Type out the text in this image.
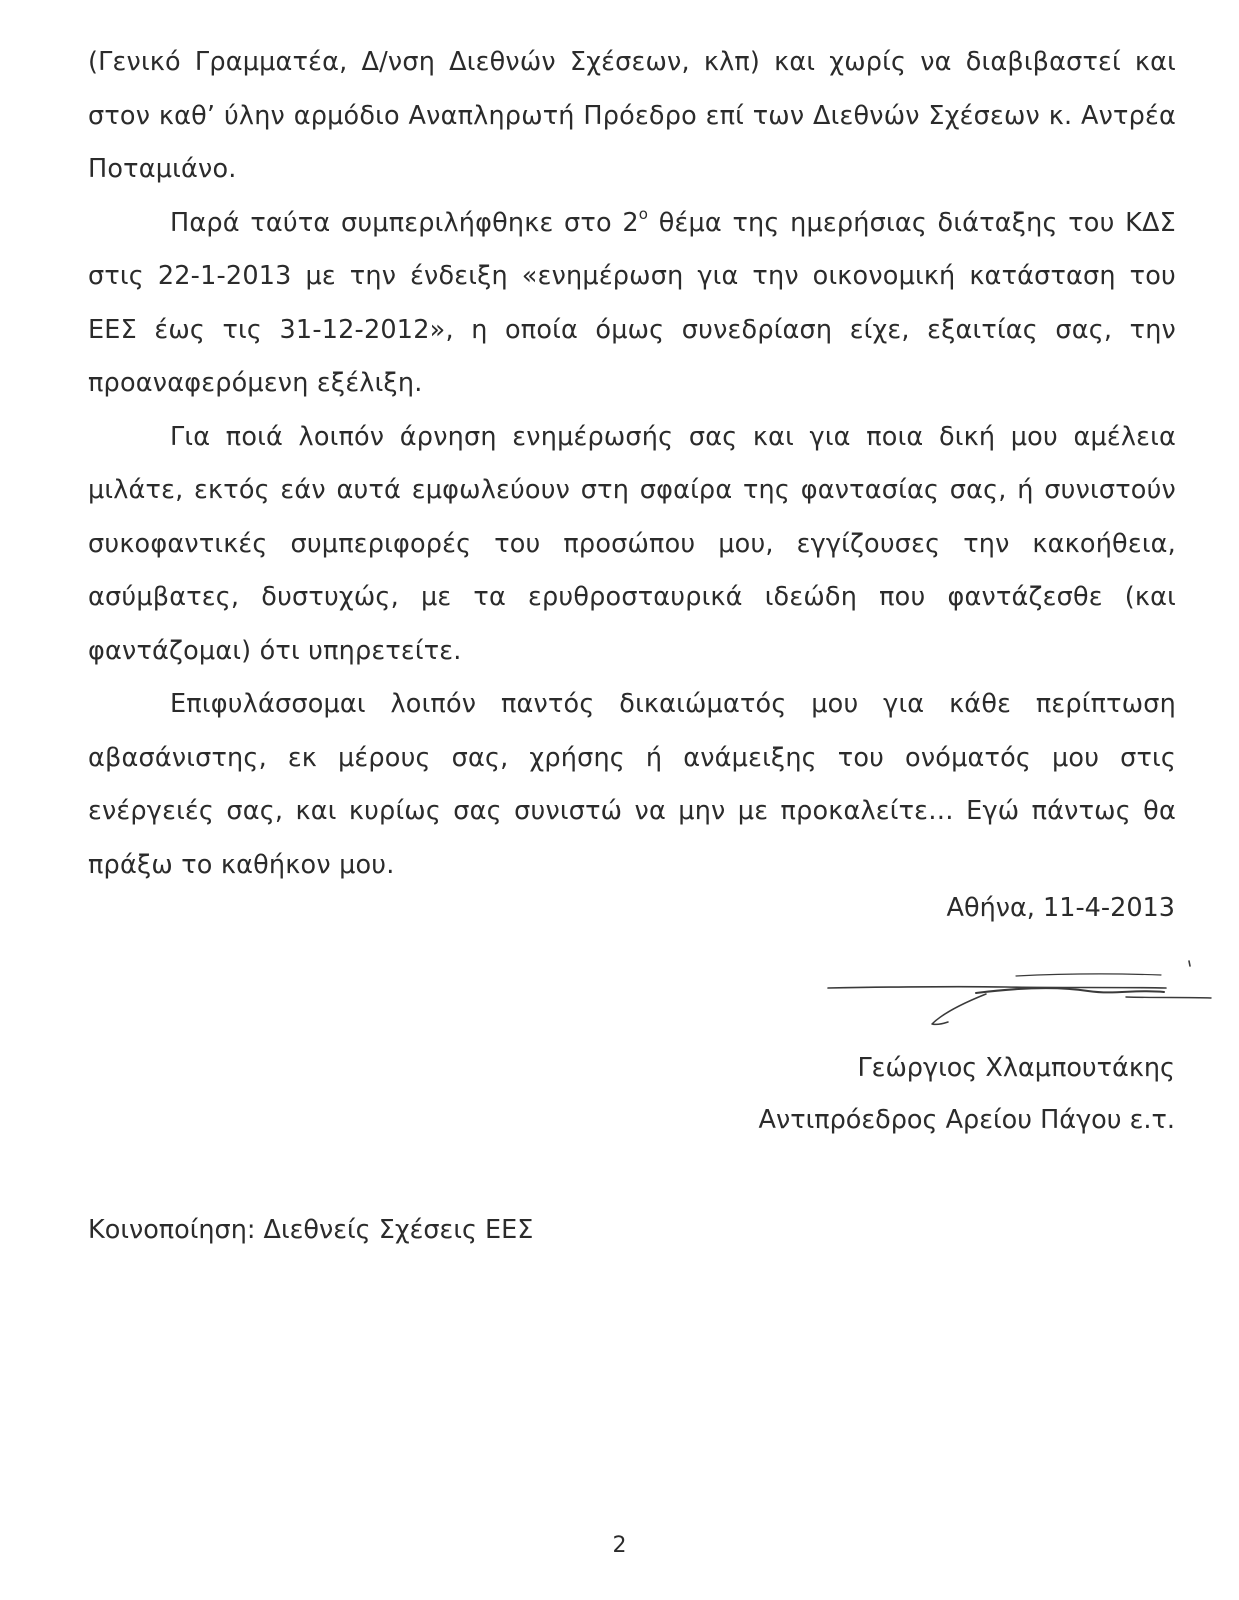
(Γενικό Γραμματέα, Δ/νση Διεθνών Σχέσεων, κλπ) και χωρίς να διαβιβαστεί και στον καθ’ ύλην αρμόδιο Αναπληρωτή Πρόεδρο επί των Διεθνών Σχέσεων κ. Αντρέα Ποταμιάνο.

Παρά ταύτα συμπεριλήφθηκε στο $2^o$ θέμα της ημερήσιας διάταξης του ΚΔΣ στις 22-1-2013 με την ένδειξη «ενημέρωση για την οικονομική κατάσταση του ΕΕΣ έως τις 31-12-2012», η οποία όμως συνεδρίαση είχε, εξαιτίας σας, την προαναφερόμενη εξέλιξη.

Για ποιά λοιπόν άρνηση ενημέρωσής σας και για ποια δική μου αμέλεια μιλάτε, εκτός εάν αυτά εμφωλεύουν στη σφαίρα της φαντασίας σας, ή συνιστούν συκοφαντικές συμπεριφορές του προσώπου μου, εγγίζουσες την κακοήθεια, ασύμβατες, δυστυχώς, με τα ερυθροσταυρικά ιδεώδη που φαντάζεσθε (και φαντάζομαι) ότι υπηρετείτε.

Επιφυλάσσομαι λοιπόν παντός δικαιώματός μου για κάθε περίπτωση αβασάνιστης, εκ μέρους σας, χρήσης ή ανάμειξης του ονόματός μου στις ενέργειές σας, και κυρίως σας συνιστώ να μην με προκαλείτε… Εγώ πάντως θα πράξω το καθήκον μου.

Αθήνα, 11-4-2013
Γεώργιος Χλαμπουτάκης
Αντιπρόεδρος Αρείου Πάγου ε.τ.
Κοινοποίηση: Διεθνείς Σχέσεις ΕΕΣ
2
